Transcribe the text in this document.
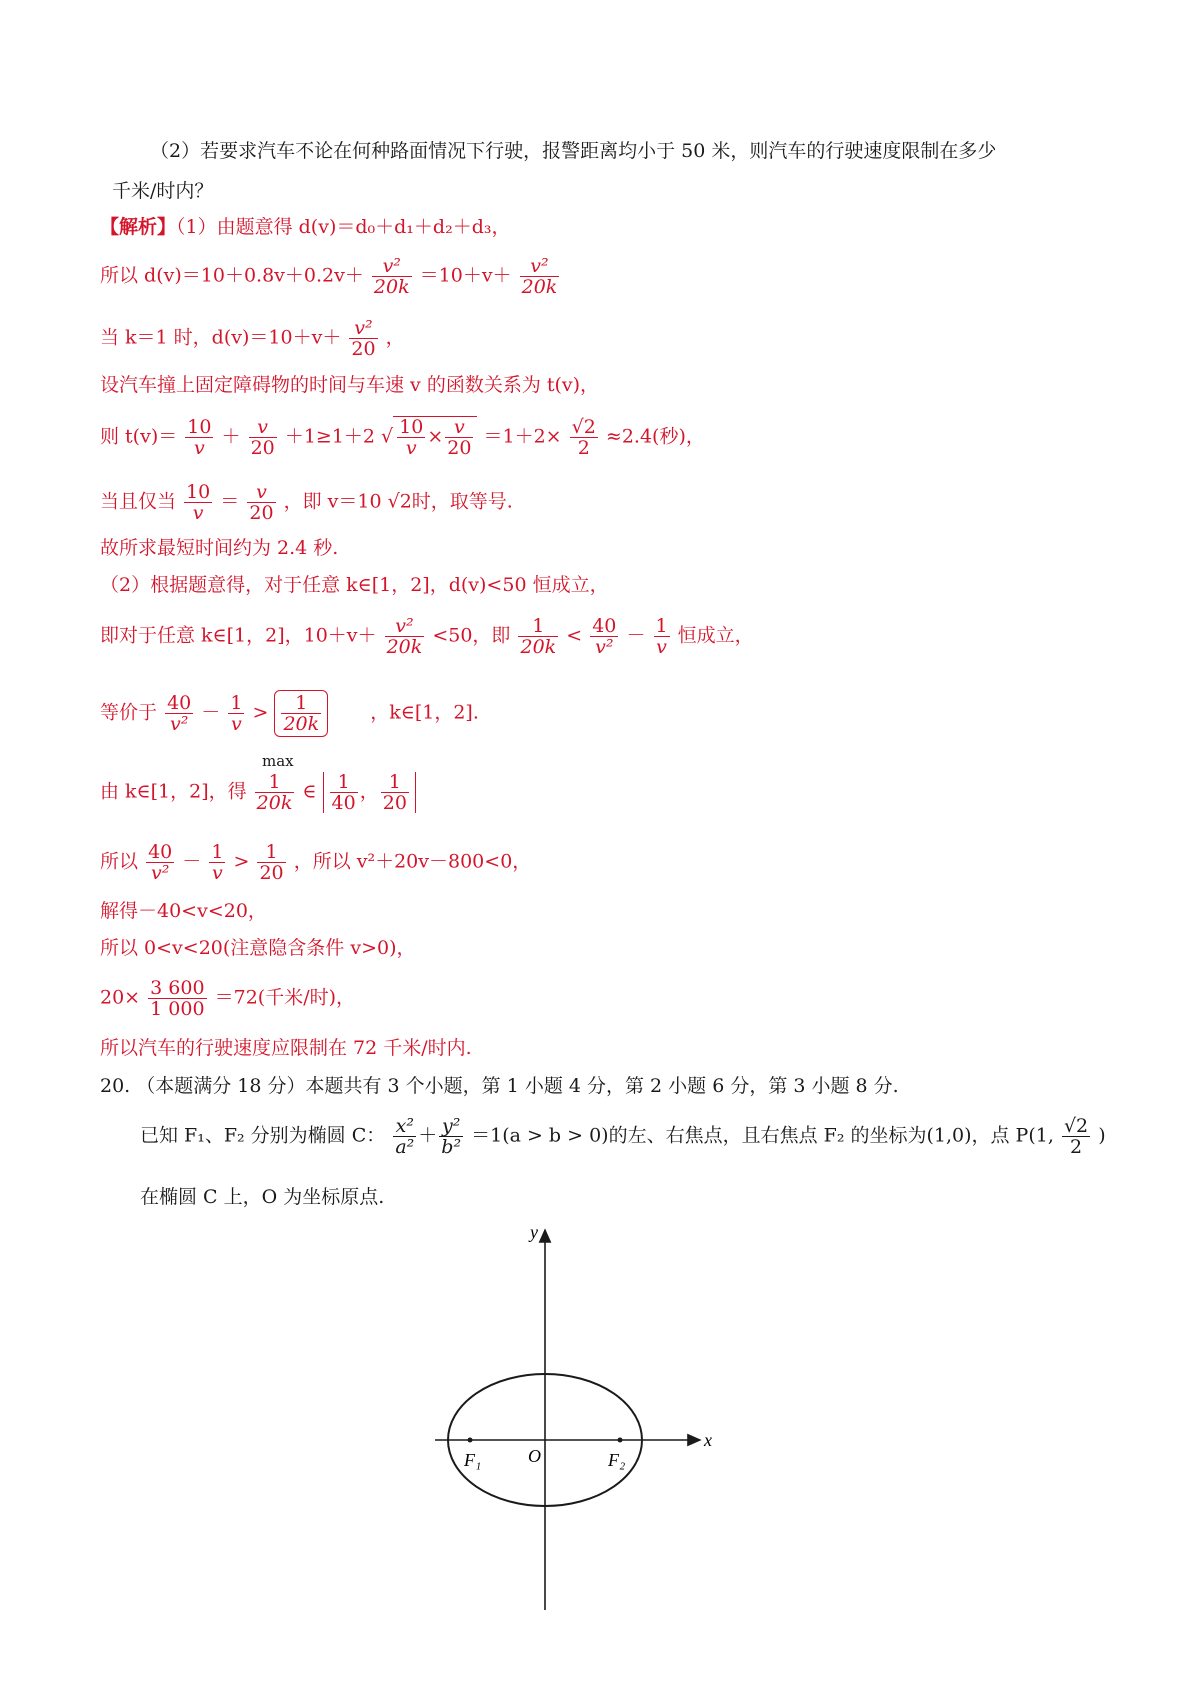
（2）若要求汽车不论在何种路面情况下行驶，报警距离均小于 50 米，则汽车的行驶速度限制在多少
千米/时内？
【解析】（1）由题意得 d(v)＝d₀＋d₁＋d₂＋d₃，
所以 $d(v)=10+0.8v+0.2v+ \frac{\text{v²}}{20k} =10+v+ \frac{\text{v²}}{20k}$
当 k＝1 时，$d(v)=10+v+ \frac{\text{v²}}{20}$ ，
设汽车撞上固定障碍物的时间与车速 v 的函数关系为 t(v)，
则 $t(v)= \frac{10}{v} + \frac{v}{20} +1\ge 1+2$ √ $\frac{10}{v} \times \frac{v}{20} =1+2\times \frac{√2}{2} \approx 2.4$(秒)，
当且仅当 $\frac{10}{v} = \frac{v}{20}$ ，即 v＝10 √2时，取等号.
故所求最短时间约为 2.4 秒.
（2）根据题意得，对于任意 k∈[1，2]，d(v)<50 恒成立，
即对于任意 k∈[1，2]，$10+v+ \frac{\text{v²}}{20k} <50$，即 $\frac{1}{20k} < \frac{40}{\text{v²}} - \frac{1}{v}$ 恒成立，
等价于 $\frac{40}{\text{v²}} - \frac{1}{v} > \frac{1}{20k}$	，k∈[1，2].
max
由 k∈[1，2]，得 $\frac{1}{20k}$ ∈ $\frac{1}{40}$ ， $\frac{1}{20}$
所以 $\frac{40}{\text{v²}} - \frac{1}{v} > \frac{1}{20}$ ，所以 v²＋20v－800<0，
解得－40<v<20，
所以 0<v<20(注意隐含条件 v>0)，
$20\times \frac{3 600}{1 000} =72$(千米/时)，
所以汽车的行驶速度应限制在 72 千米/时内.
20. （本题满分 18 分）本题共有 3 个小题，第 1 小题 4 分，第 2 小题 6 分，第 3 小题 8 分.
已知 F₁、F₂ 分别为椭圆 C： $\frac{\text{x²}}{\text{a²}} + \frac{\text{y²}}{\text{b²}} =1(a > b > 0)$的左、右焦点，且右焦点 F₂ 的坐标为(1,0)，点 P(1, $\frac{√2}{2}$ )
在椭圆 C 上，O 为坐标原点.
x
y
O
F₁	F₂
